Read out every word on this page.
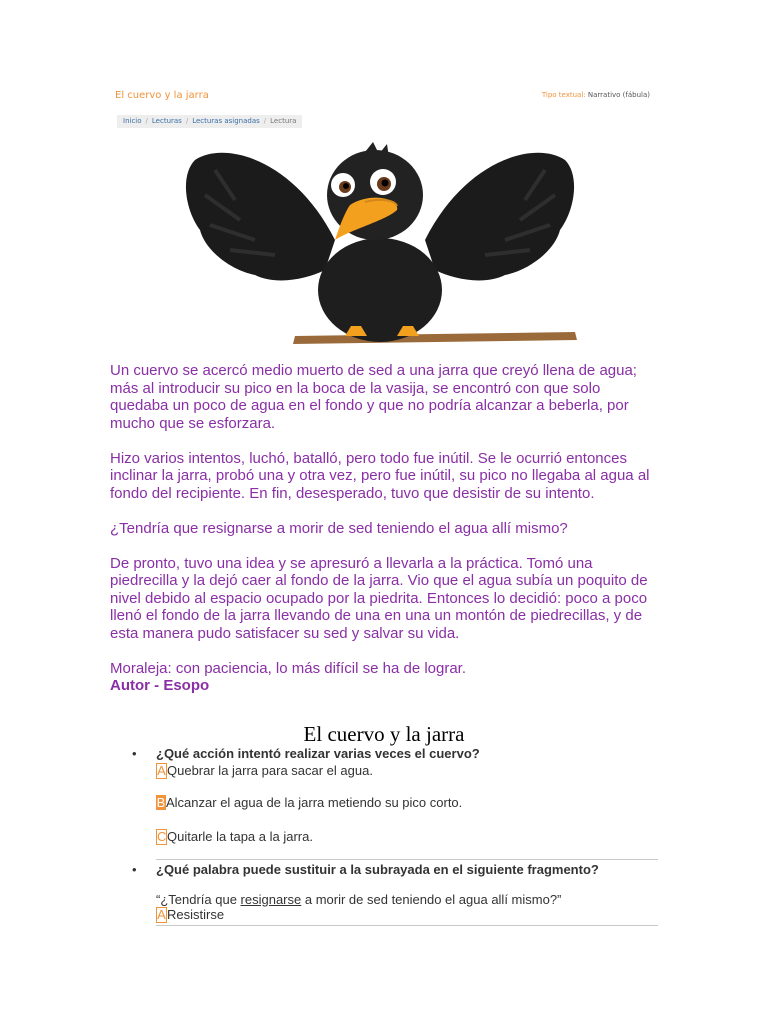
El cuervo y la jarra	Tipo textual: Narrativo (fábula)
Inicio / Lecturas / Lecturas asignadas / Lectura

Un cuervo se acercó medio muerto de sed a una jarra que creyó llena de agua; más al introducir su pico en la boca de la vasija, se encontró con que solo quedaba un poco de agua en el fondo y que no podría alcanzar a beberla, por mucho que se esforzara.

Hizo varios intentos, luchó, batalló, pero todo fue inútil. Se le ocurrió entonces inclinar la jarra, probó una y otra vez, pero fue inútil, su pico no llegaba al agua al fondo del recipiente. En fin, desesperado, tuvo que desistir de su intento.

¿Tendría que resignarse a morir de sed teniendo el agua allí mismo?

De pronto, tuvo una idea y se apresuró a llevarla a la práctica. Tomó una piedrecilla y la dejó caer al fondo de la jarra. Vio que el agua subía un poquito de nivel debido al espacio ocupado por la piedrita. Entonces lo decidió: poco a poco llenó el fondo de la jarra llevando de una en una un montón de piedrecillas, y de esta manera pudo satisfacer su sed y salvar su vida.

Moraleja: con paciencia, lo más difícil se ha de lograr.

Autor - Esopo

El cuervo y la jarra
• ¿Qué acción intentó realizar varias veces el cuervo?
AQuebrar la jarra para sacar el agua.
BAlcanzar el agua de la jarra metiendo su pico corto.
CQuitarle la tapa a la jarra.
• ¿Qué palabra puede sustituir a la subrayada en el siguiente fragmento?
“¿Tendría que resignarse a morir de sed teniendo el agua allí mismo?”
AResistirse
